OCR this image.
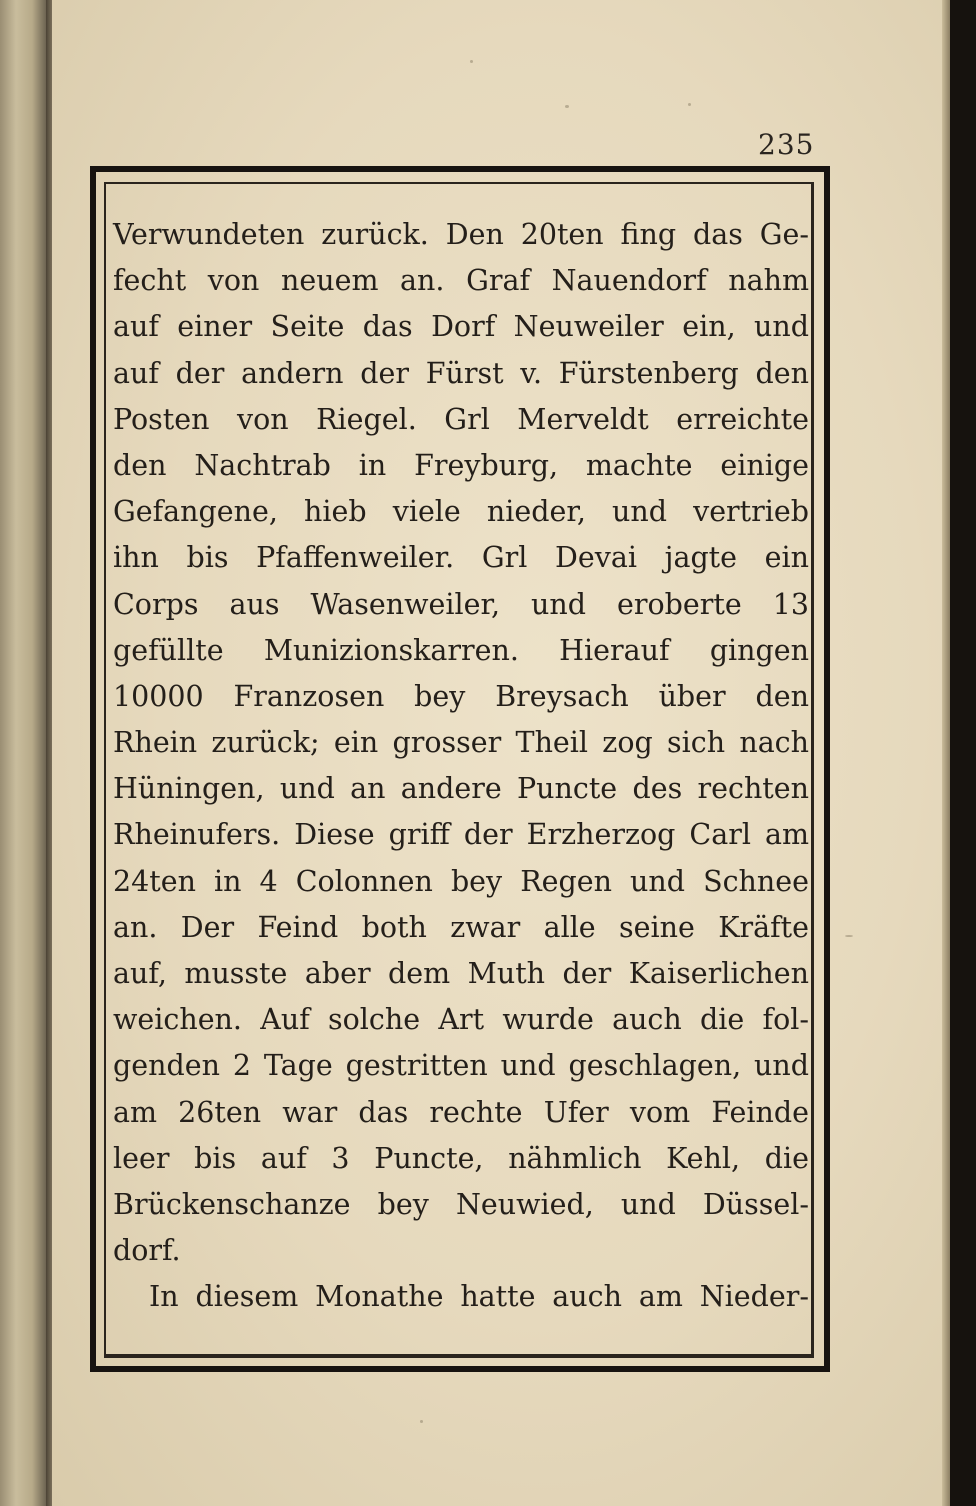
235
Verwundeten zurück. Den 20ten fing das Ge-
fecht von neuem an. Graf Nauendorf nahm
auf einer Seite das Dorf Neuweiler ein, und
auf der andern der Fürst v. Fürstenberg den
Posten von Riegel. Grl Merveldt erreichte
den Nachtrab in Freyburg, machte einige
Gefangene, hieb viele nieder, und vertrieb
ihn bis Pfaffenweiler. Grl Devai jagte ein
Corps aus Wasenweiler, und eroberte 13
gefüllte Munizionskarren. Hierauf gingen
10000 Franzosen bey Breysach über den
Rhein zurück; ein grosser Theil zog sich nach
Hüningen, und an andere Puncte des rechten
Rheinufers. Diese griff der Erzherzog Carl am
24ten in 4 Colonnen bey Regen und Schnee
an. Der Feind both zwar alle seine Kräfte
auf, musste aber dem Muth der Kaiserlichen
weichen. Auf solche Art wurde auch die fol-
genden 2 Tage gestritten und geschlagen, und
am 26ten war das rechte Ufer vom Feinde
leer bis auf 3 Puncte, nähmlich Kehl, die
Brückenschanze bey Neuwied, und Düssel-
dorf.
In diesem Monathe hatte auch am Nieder-
